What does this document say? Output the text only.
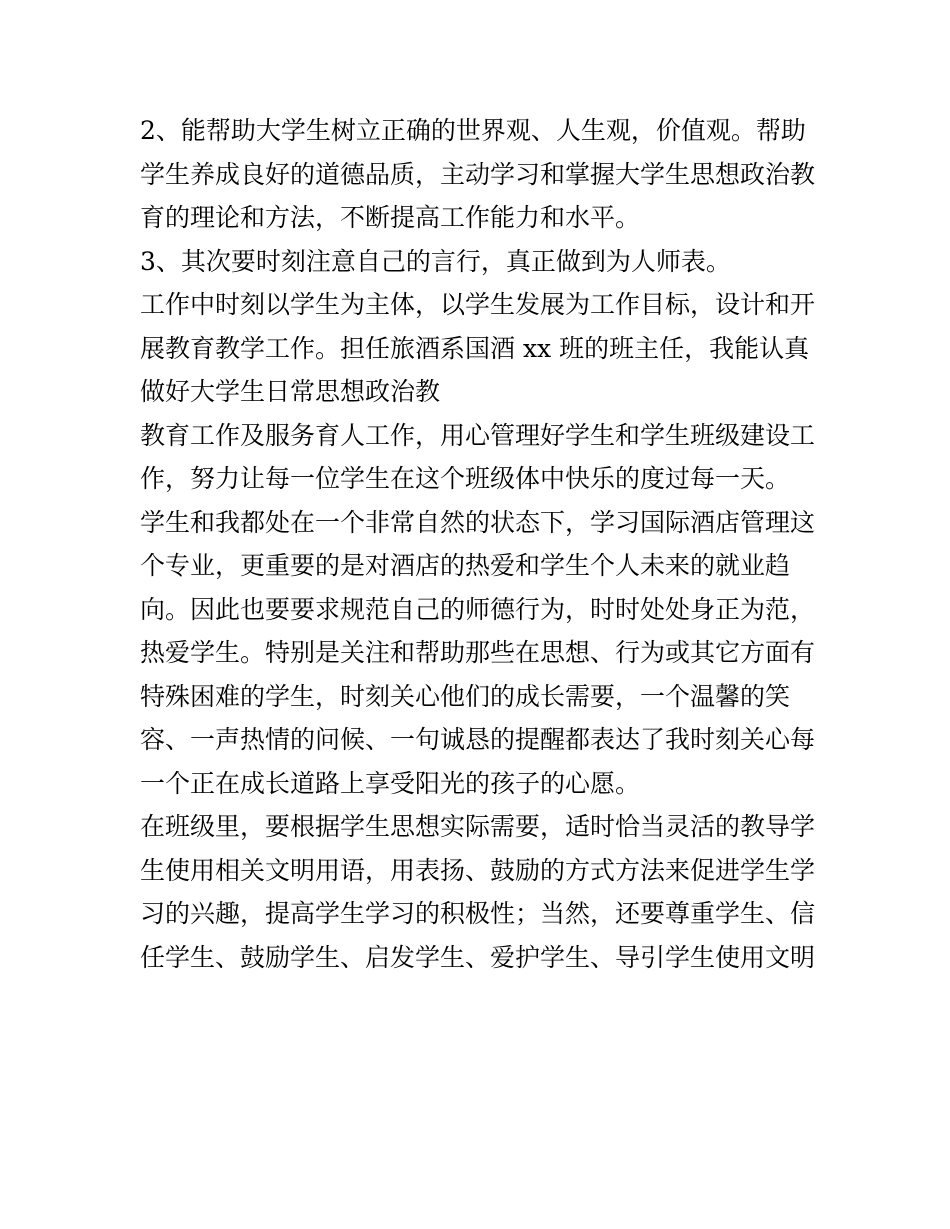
2、能帮助大学生树立正确的世界观、人生观，价值观。帮助
学生养成良好的道德品质，主动学习和掌握大学生思想政治教
育的理论和方法，不断提高工作能力和水平。

3、其次要时刻注意自己的言行，真正做到为人师表。

工作中时刻以学生为主体，以学生发展为工作目标，设计和开
展教育教学工作。担任旅酒系国酒 xx 班的班主任，我能认真
做好大学生日常思想政治教

教育工作及服务育人工作，用心管理好学生和学生班级建设工
作，努力让每一位学生在这个班级体中快乐的度过每一天。

学生和我都处在一个非常自然的状态下，学习国际酒店管理这
个专业，更重要的是对酒店的热爱和学生个人未来的就业趋
向。因此也要要求规范自己的师德行为，时时处处身正为范，
热爱学生。特别是关注和帮助那些在思想、行为或其它方面有
特殊困难的学生，时刻关心他们的成长需要，一个温馨的笑
容、一声热情的问候、一句诚恳的提醒都表达了我时刻关心每
一个正在成长道路上享受阳光的孩子的心愿。

在班级里，要根据学生思想实际需要，适时恰当灵活的教导学
生使用相关文明用语，用表扬、鼓励的方式方法来促进学生学
习的兴趣，提高学生学习的积极性；当然，还要尊重学生、信
任学生、鼓励学生、启发学生、爱护学生、导引学生使用文明
